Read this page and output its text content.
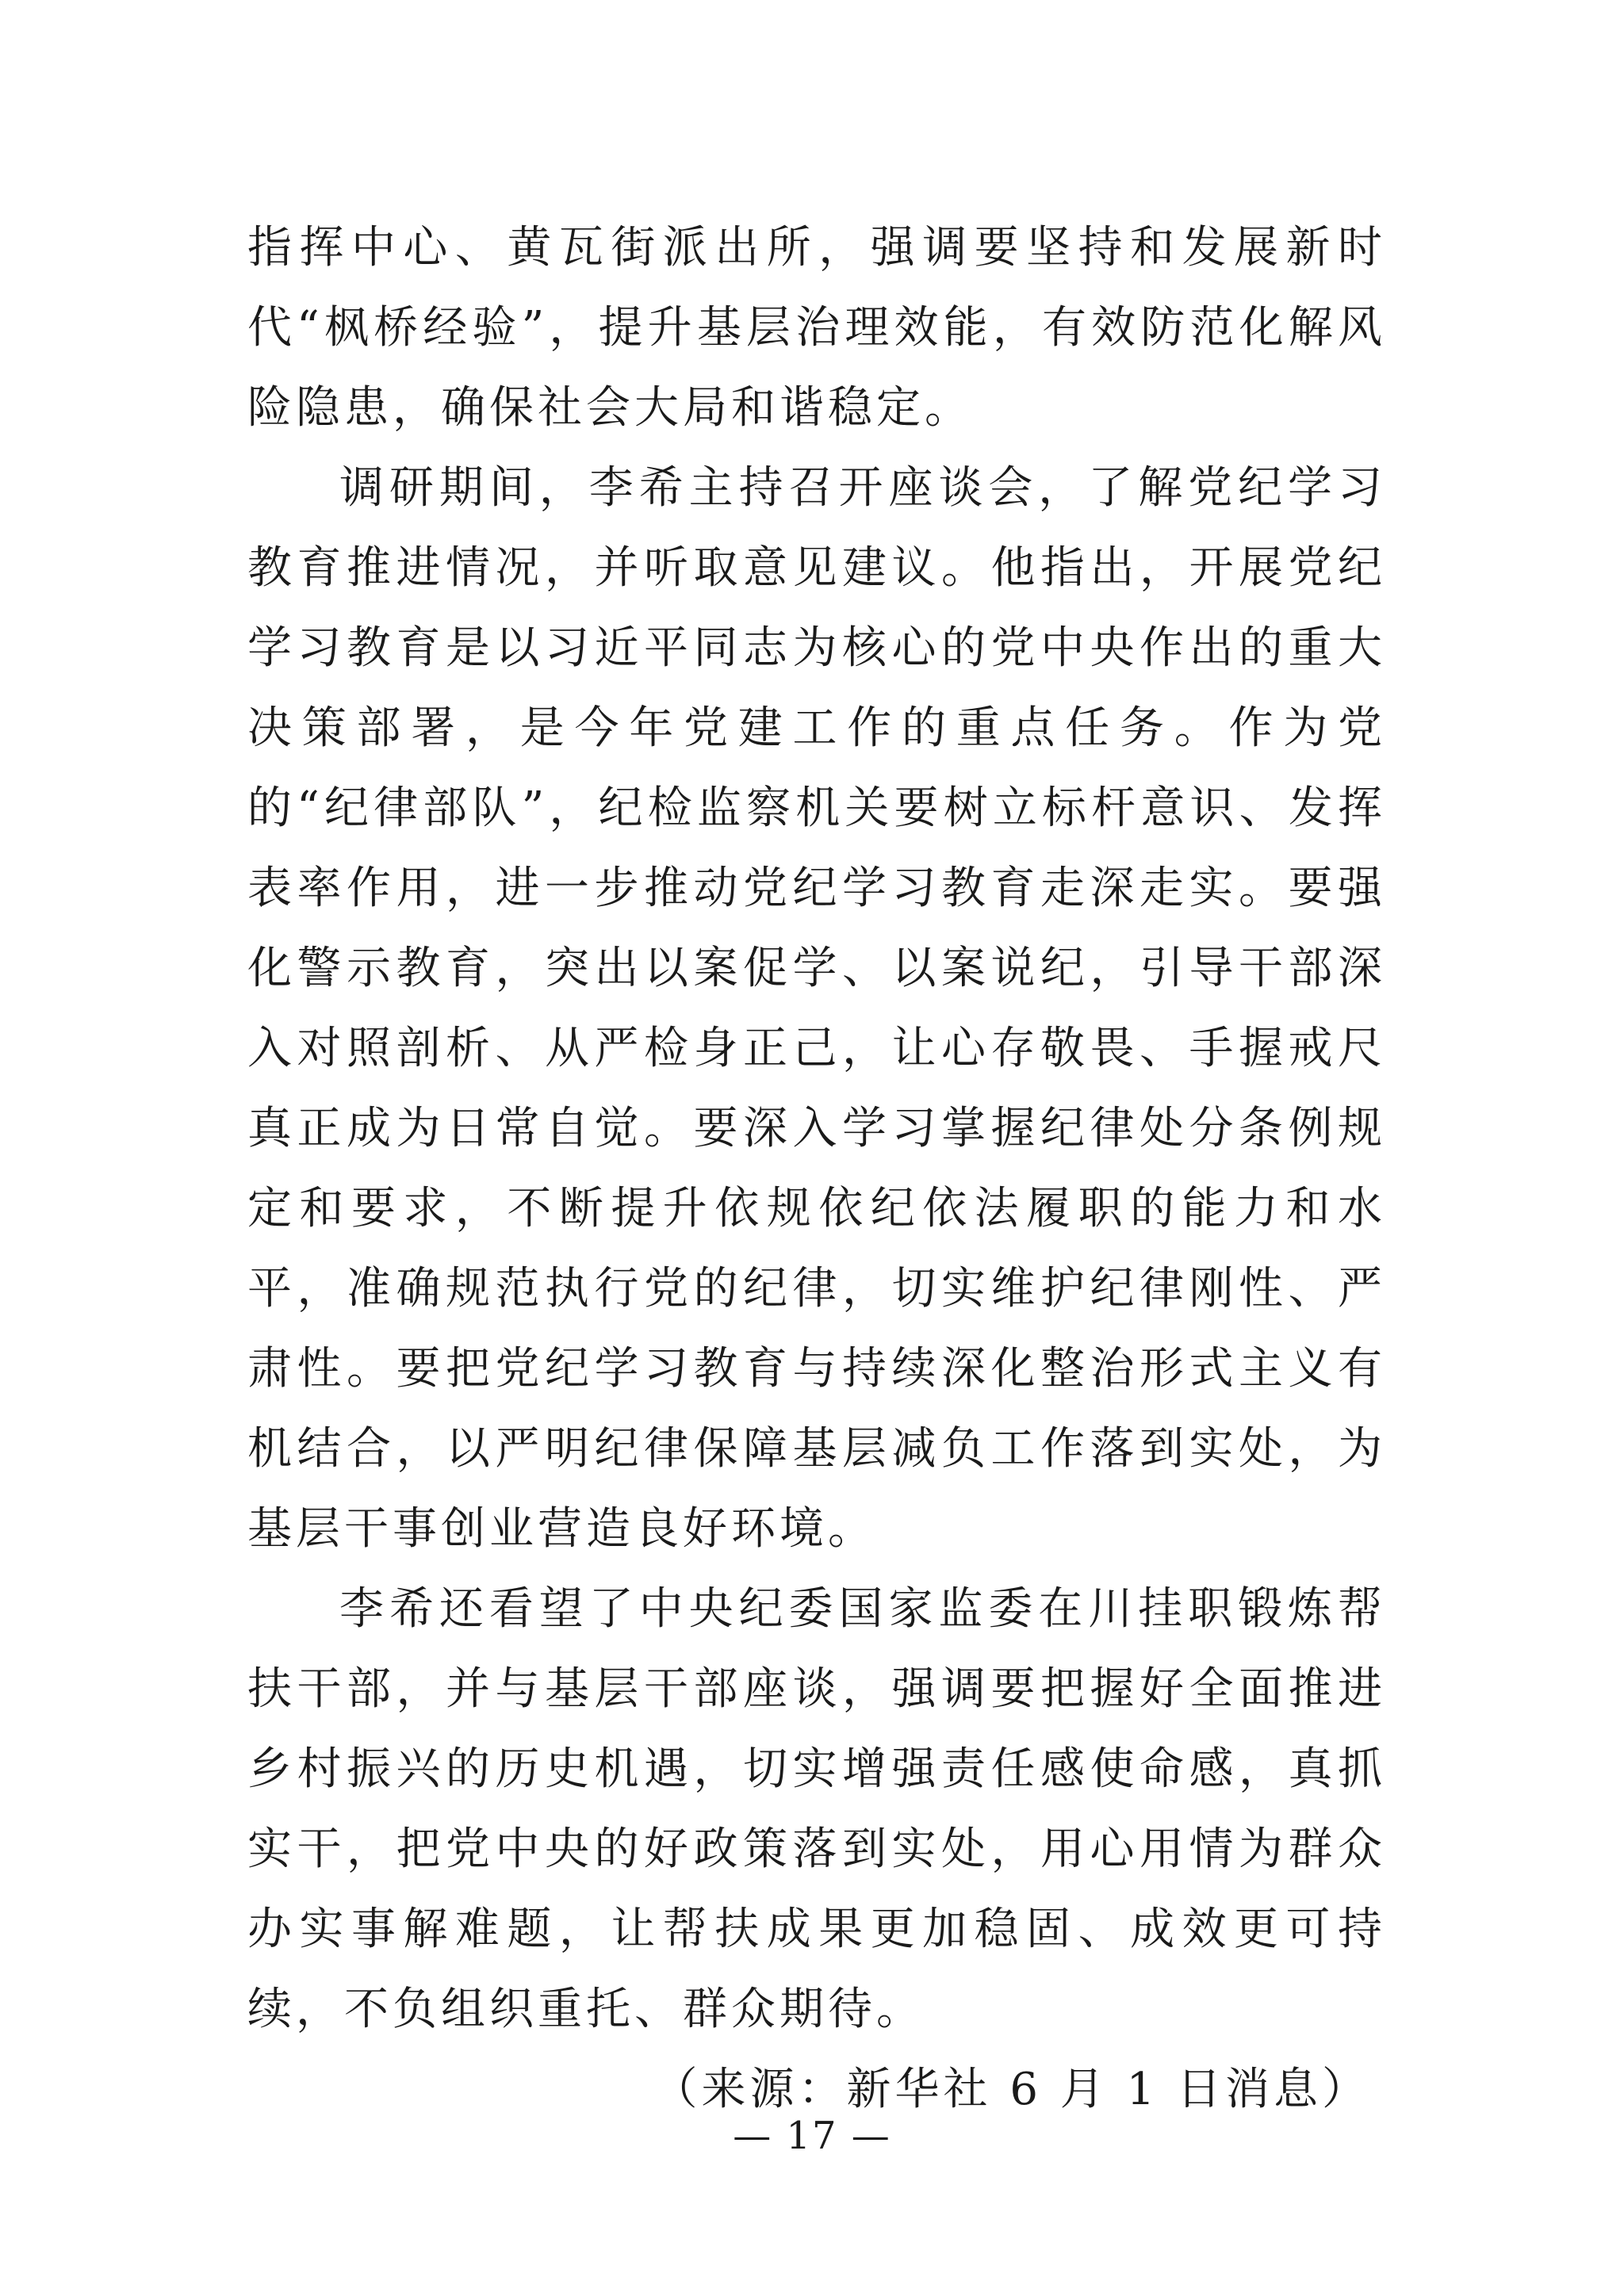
指挥中心、黄瓦街派出所，强调要坚持和发展新时代“枫桥经验”，提升基层治理效能，有效防范化解风险隐患，确保社会大局和谐稳定。

调研期间，李希主持召开座谈会，了解党纪学习教育推进情况，并听取意见建议。他指出，开展党纪学习教育是以习近平同志为核心的党中央作出的重大决策部署，是今年党建工作的重点任务。作为党的“纪律部队”，纪检监察机关要树立标杆意识、发挥表率作用，进一步推动党纪学习教育走深走实。要强化警示教育，突出以案促学、以案说纪，引导干部深入对照剖析、从严检身正己，让心存敬畏、手握戒尺真正成为日常自觉。要深入学习掌握纪律处分条例规定和要求，不断提升依规依纪依法履职的能力和水平，准确规范执行党的纪律，切实维护纪律刚性、严肃性。要把党纪学习教育与持续深化整治形式主义有机结合，以严明纪律保障基层减负工作落到实处，为基层干事创业营造良好环境。

李希还看望了中央纪委国家监委在川挂职锻炼帮扶干部，并与基层干部座谈，强调要把握好全面推进乡村振兴的历史机遇，切实增强责任感使命感，真抓实干，把党中央的好政策落到实处，用心用情为群众办实事解难题，让帮扶成果更加稳固、成效更可持续，不负组织重托、群众期待。

（来源：新华社 6 月 1 日消息）

— 17 —
